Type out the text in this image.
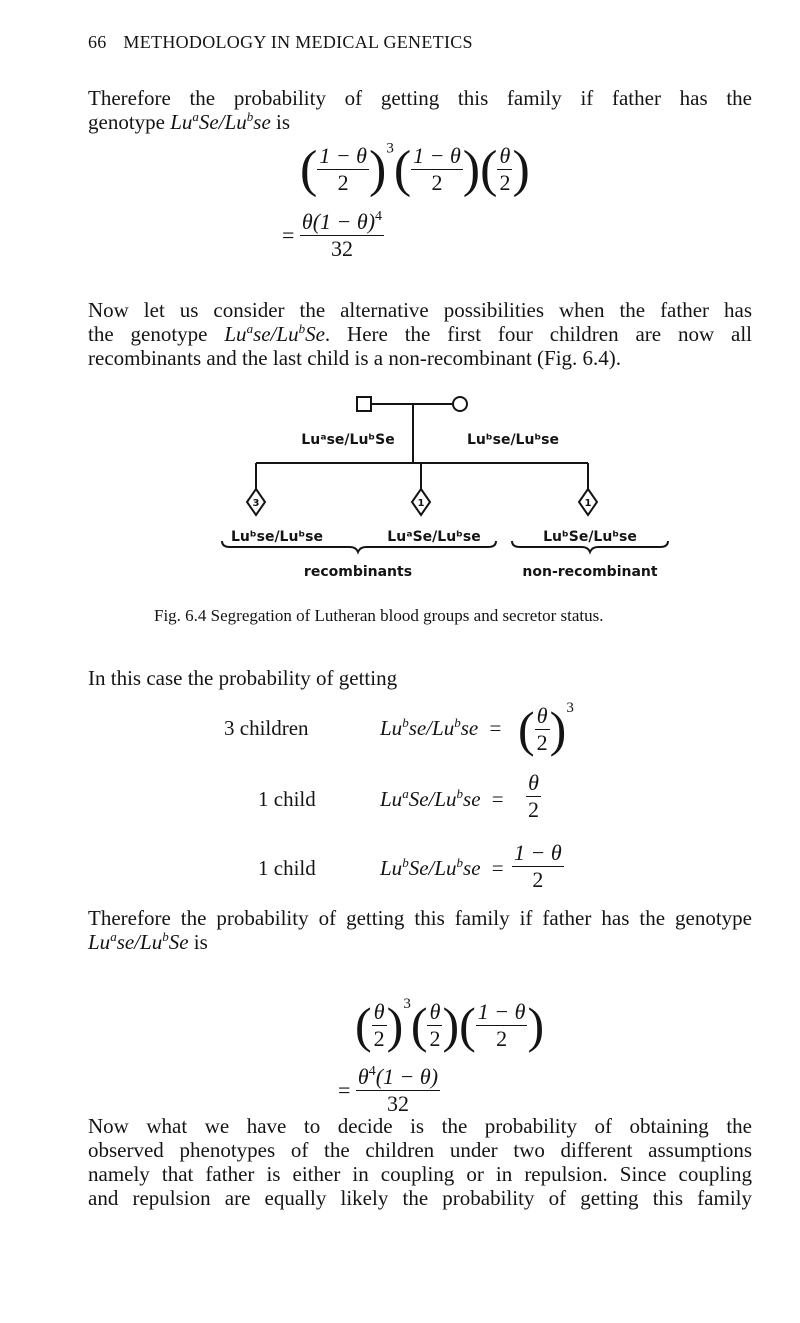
66 METHODOLOGY IN MEDICAL GENETICS
Therefore the probability of getting this family if father has the
genotype Lu$^a$Se/Lu$^b$se is
( $\frac{1 - \theta}{2} )^3( \frac{1 - \theta}{2}$ )( $\frac{\theta}{2}$ )
= $\frac{\theta(1 - \theta)^4}{32}$
Now let us consider the alternative possibilities when the father has
the genotype Lu$^a$se/Lu$^b$Se. Here the first four children are now all
recombinants and the last child is a non-recombinant (Fig. 6.4).
3	1	1
Luᵃse/LuᵇSe	Luᵇse/Luᵇse
Luᵇse/Luᵇse	LuᵃSe/Luᵇse	LuᵇSe/Luᵇse
recombinants	non-recombinant
Fig. 6.4 Segregation of Lutheran blood groups and secretor status.
In this case the probability of getting
3 children	$Lu^bse/Lu^bse$ = ( $\frac{\theta}{2} )^3$
1 child	$Lu^aSe/Lu^bse = \frac{\theta}{2}$
1 child	$Lu^bSe/Lu^bse = \frac{1 - \theta}{2}$
Therefore the probability of getting this family if father has the genotype
Lu$^a$se/Lu$^b$Se is
( $\frac{\theta}{2} )^3( \frac{\theta}{2}$ )( $\frac{1 - \theta}{2}$ )
= $\frac{\theta^4(1 - \theta)}{32}$
Now what we have to decide is the probability of obtaining the
observed phenotypes of the children under two different assumptions
namely that father is either in coupling or in repulsion. Since coupling
and repulsion are equally likely the probability of getting this family
